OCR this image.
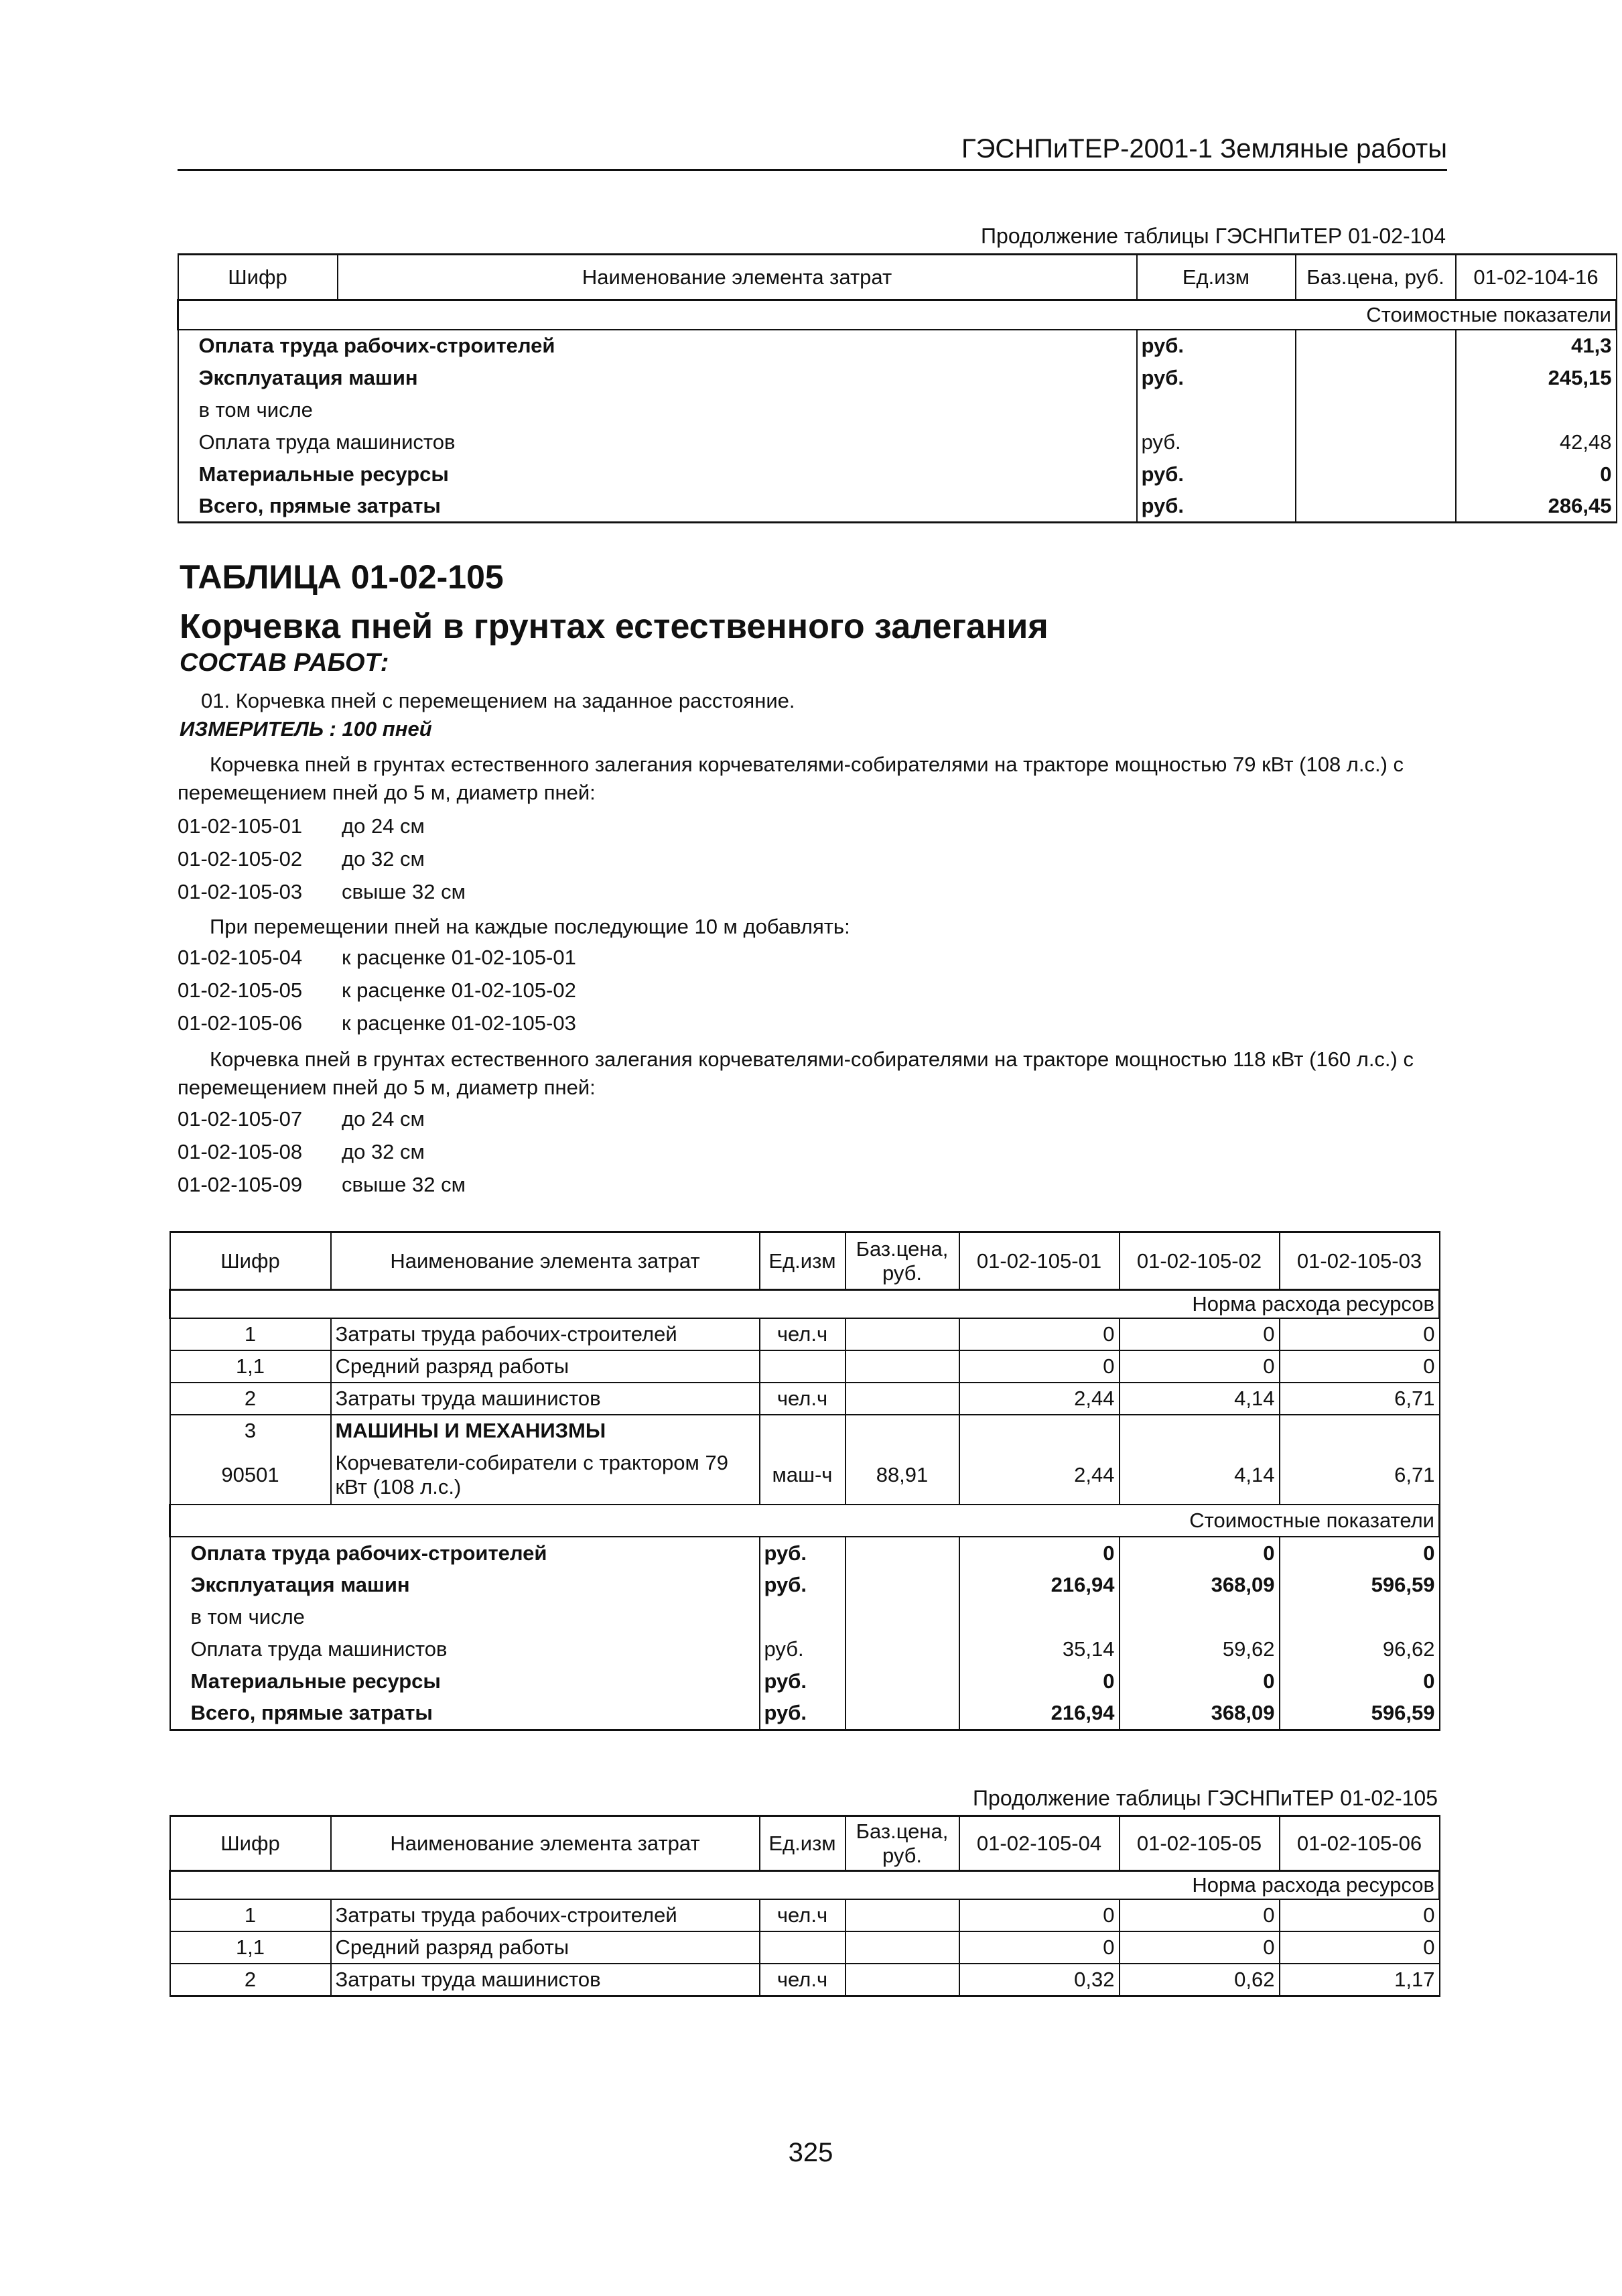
ГЭСНПиТЕР-2001-1 Земляные работы
Продолжение таблицы ГЭСНПиТЕР 01-02-104
Шифр	Наименование элемента затрат	Ед.изм	Баз.цена, руб.	01-02-104-16
Стоимостные показатели				
Оплата труда рабочих-строителей		руб.		41,3
Эксплуатация машин		руб.		245,15
в том числе				
Оплата труда машинистов		руб.		42,48
Материальные ресурсы		руб.		0
Всего, прямые затраты		руб.		286,45
ТАБЛИЦА 01-02-105
Корчевка пней в грунтах естественного залегания
СОСТАВ РАБОТ:
01. Корчевка пней с перемещением на заданное расстояние.
ИЗМЕРИТЕЛЬ : 100 пней
Корчевка пней в грунтах естественного залегания корчевателями-собирателями на тракторе мощностью 79 кВт (108 л.с.) с перемещением пней до 5 м, диаметр пней:
01-02-105-01 до 24 см
01-02-105-02 до 32 см
01-02-105-03 свыше 32 см
При перемещении пней на каждые последующие 10 м добавлять:
01-02-105-04 к расценке 01-02-105-01
01-02-105-05 к расценке 01-02-105-02
01-02-105-06 к расценке 01-02-105-03
Корчевка пней в грунтах естественного залегания корчевателями-собирателями на тракторе мощностью 118 кВт (160 л.с.) с перемещением пней до 5 м, диаметр пней:
01-02-105-07 до 24 см
01-02-105-08 до 32 см
01-02-105-09 свыше 32 см
Шифр	Наименование элемента затрат	Ед.изм	Баз.цена, руб.	01-02-105-01	01-02-105-02	01-02-105-03
Норма расхода ресурсов						
1	Затраты труда рабочих-строителей	чел.ч		0	0	0
1,1	Средний разряд работы			0	0	0
2	Затраты труда машинистов	чел.ч		2,44	4,14	6,71
3	МАШИНЫ И МЕХАНИЗМЫ					
90501	Корчеватели-собиратели с трактором 79 кВт (108 л.с.)	маш-ч	88,91	2,44	4,14	6,71
Стоимостные показатели						
Оплата труда рабочих-строителей		руб.		0	0	0
Эксплуатация машин		руб.		216,94	368,09	596,59
в том числе						
Оплата труда машинистов		руб.		35,14	59,62	96,62
Материальные ресурсы		руб.		0	0	0
Всего, прямые затраты		руб.		216,94	368,09	596,59
Продолжение таблицы ГЭСНПиТЕР 01-02-105
Шифр	Наименование элемента затрат	Ед.изм	Баз.цена, руб.	01-02-105-04	01-02-105-05	01-02-105-06
Норма расхода ресурсов						
1	Затраты труда рабочих-строителей	чел.ч		0	0	0
1,1	Средний разряд работы			0	0	0
2	Затраты труда машинистов	чел.ч		0,32	0,62	1,17
325
